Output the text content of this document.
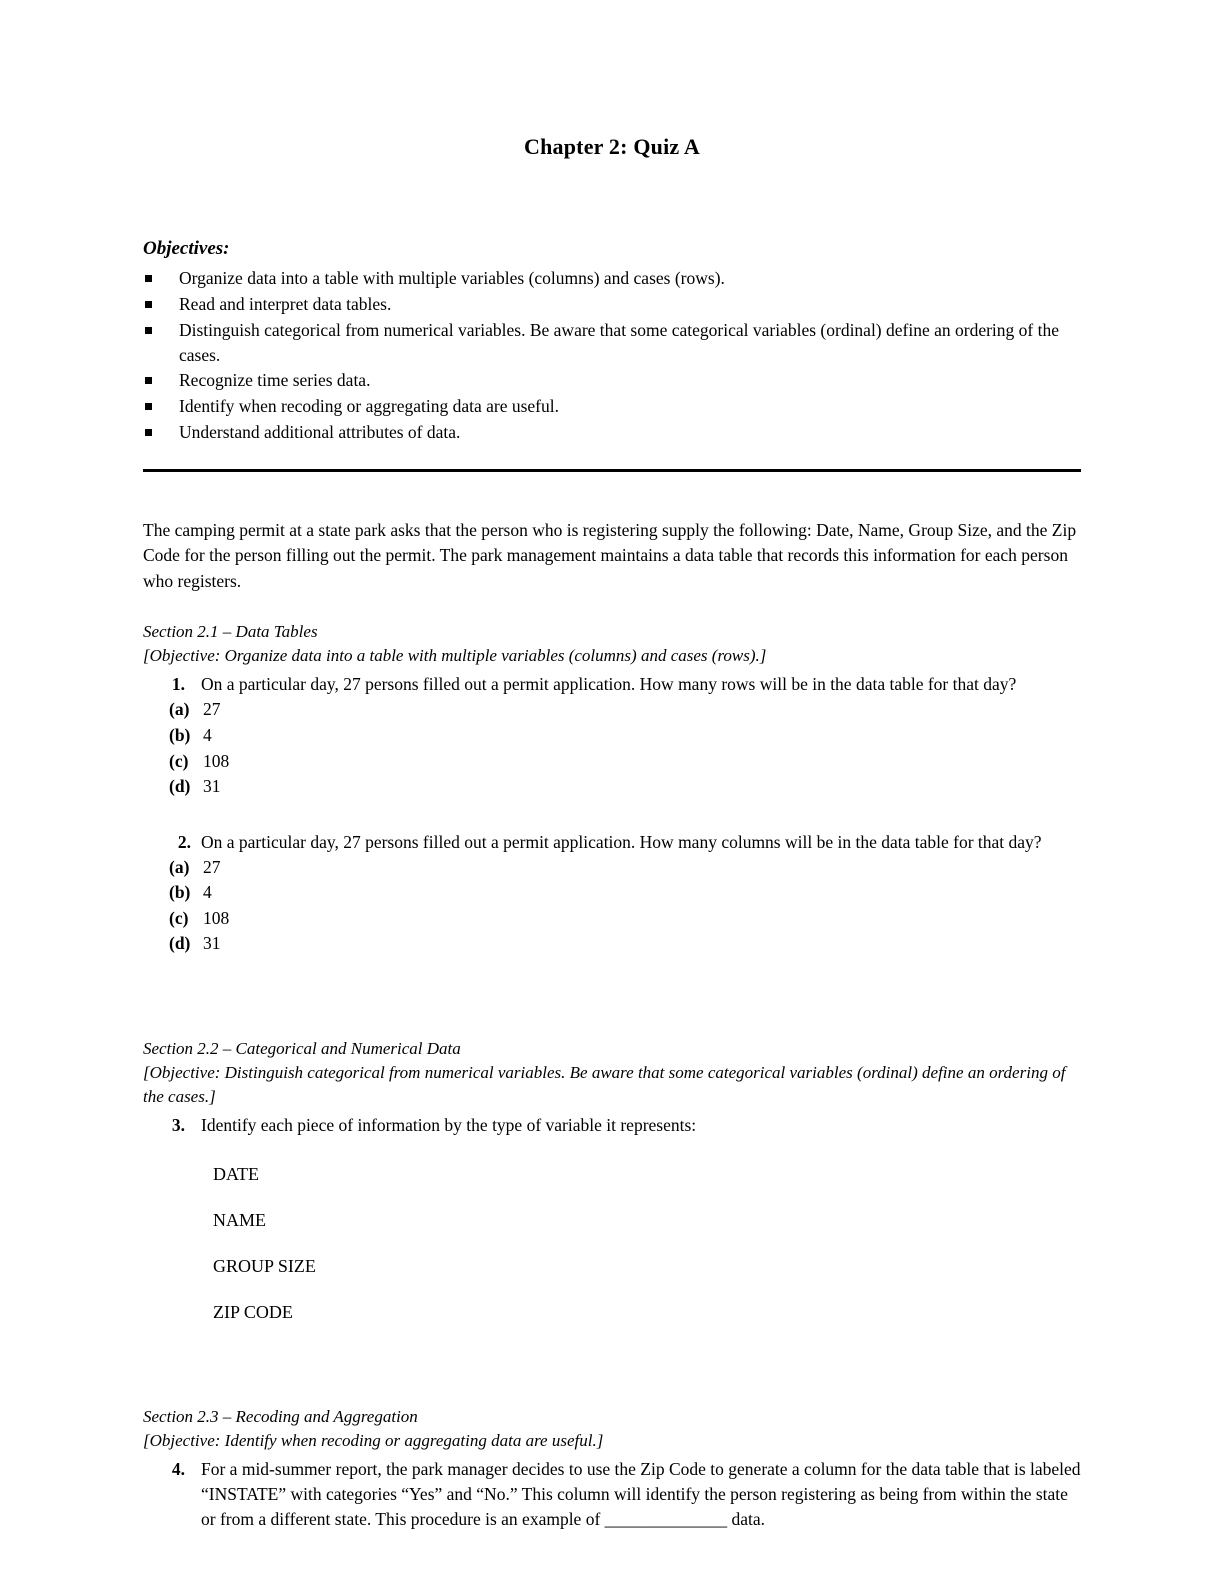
Chapter 2: Quiz A
Objectives:
Organize data into a table with multiple variables (columns) and cases (rows).
Read and interpret data tables.
Distinguish categorical from numerical variables. Be aware that some categorical variables (ordinal) define an ordering of the cases.
Recognize time series data.
Identify when recoding or aggregating data are useful.
Understand additional attributes of data.
The camping permit at a state park asks that the person who is registering supply the following: Date, Name, Group Size, and the Zip Code for the person filling out the permit. The park management maintains a data table that records this information for each person who registers.
Section 2.1 – Data Tables
[Objective: Organize data into a table with multiple variables (columns) and cases (rows).]
1. On a particular day, 27 persons filled out a permit application. How many rows will be in the data table for that day?
(a) 27
(b) 4
(c) 108
(d) 31
2. On a particular day, 27 persons filled out a permit application. How many columns will be in the data table for that day?
(a) 27
(b) 4
(c) 108
(d) 31
Section 2.2 – Categorical and Numerical Data
[Objective: Distinguish categorical from numerical variables. Be aware that some categorical variables (ordinal) define an ordering of the cases.]
3. Identify each piece of information by the type of variable it represents:
DATE
NAME
GROUP SIZE
ZIP CODE
Section 2.3 – Recoding and Aggregation
[Objective: Identify when recoding or aggregating data are useful.]
4. For a mid-summer report, the park manager decides to use the Zip Code to generate a column for the data table that is labeled “INSTATE” with categories “Yes” and “No.” This column will identify the person registering as being from within the state or from a different state. This procedure is an example of ______________ data.
